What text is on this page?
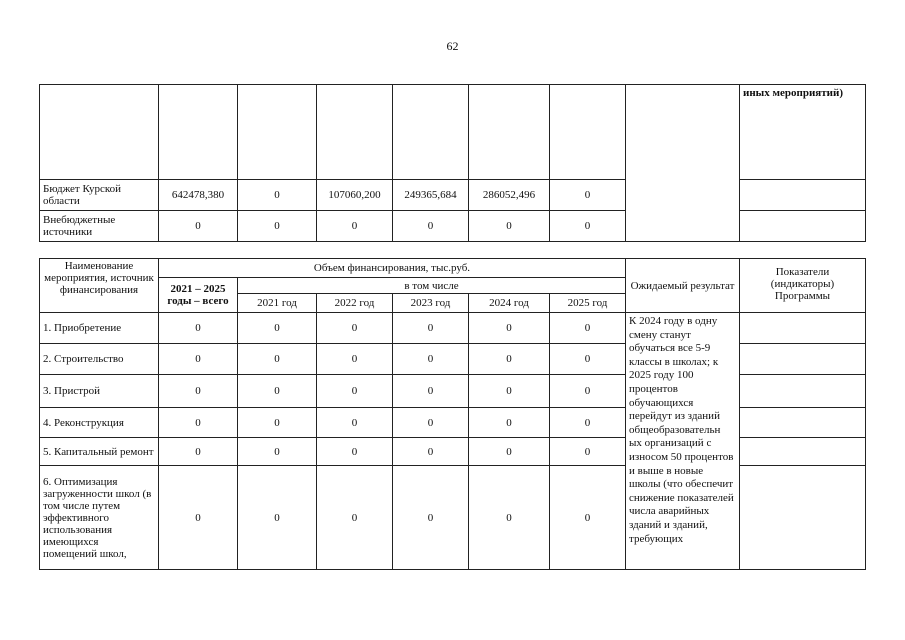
62
								иных мероприятий)
Бюджет Курской области	642478,380	0	107060,200	249365,684	286052,496	0		
Внебюджетные источники	0	0	0	0	0	0		
Наименование мероприятия, источник финансирования	Объем финансирования, тыс.руб.						Ожидаемый результат	Показатели (индикаторы) Программы
	2021 – 2025 годы – всего	в том числе						
		2021 год	2022 год	2023 год	2024 год	2025 год		
1. Приобретение	0	0	0	0	0	0	К 2024 году в одну смену станут обучаться все 5-9 классы в школах; к 2025 году 100 процентов обучающихся перейдут из зданий общеобразовательн ых организаций с износом 50 процентов и выше в новые школы (что обеспечит снижение показателей числа аварийных зданий и зданий, требующих	
2. Строительство	0	0	0	0	0	0		
3. Пристрой	0	0	0	0	0	0		
4. Реконструкция	0	0	0	0	0	0		
5. Капитальный ремонт	0	0	0	0	0	0		
6. Оптимизация загруженности школ (в том числе путем эффективного использования имеющихся помещений школ,	0	0	0	0	0	0		
